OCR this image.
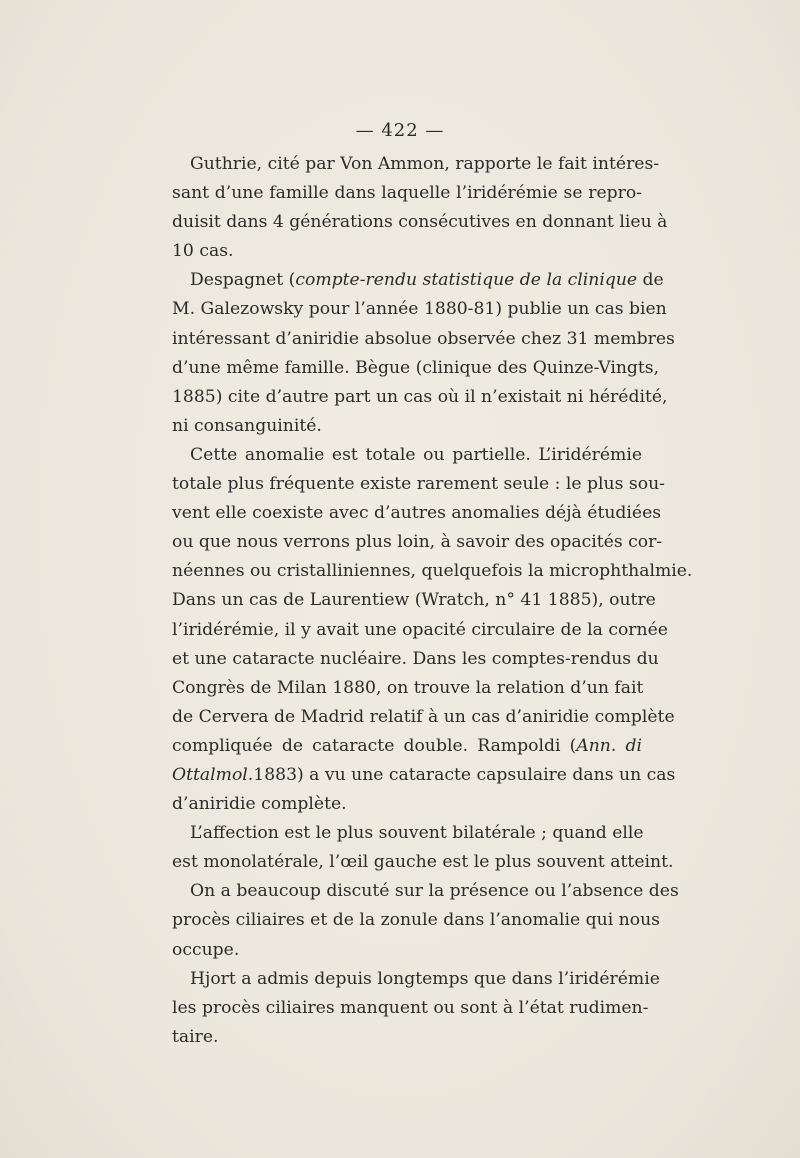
— 422 —
Guthrie, cité par Von Ammon, rapporte le fait intéres-
sant d’une famille dans laquelle l’iridérémie se repro-
duisit dans 4 générations consécutives en donnant lieu à
10 cas.
Despagnet (compte-rendu statistique de la clinique de
M. Galezowsky pour l’année 1880-81) publie un cas bien
intéressant d’aniridie absolue observée chez 31 membres
d’une même famille. Bègue (clinique des Quinze-Vingts,
1885) cite d’autre part un cas où il n’existait ni hérédité,
ni consanguinité.
Cette anomalie est totale ou partielle. L’iridérémie
totale plus fréquente existe rarement seule : le plus sou-
vent elle coexiste avec d’autres anomalies déjà étudiées
ou que nous verrons plus loin, à savoir des opacités cor-
néennes ou cristalliniennes, quelquefois la microphthalmie.
Dans un cas de Laurentiew (Wratch, n° 41 1885), outre
l’iridérémie, il y avait une opacité circulaire de la cornée
et une cataracte nucléaire. Dans les comptes-rendus du
Congrès de Milan 1880, on trouve la relation d’un fait
de Cervera de Madrid relatif à un cas d’aniridie complète
compliquée de cataracte double. Rampoldi (Ann. di
Ottalmol.1883) a vu une cataracte capsulaire dans un cas
d’aniridie complète.
L’affection est le plus souvent bilatérale ; quand elle
est monolatérale, l’œil gauche est le plus souvent atteint.
On a beaucoup discuté sur la présence ou l’absence des
procès ciliaires et de la zonule dans l’anomalie qui nous
occupe.
Hjort a admis depuis longtemps que dans l’iridérémie
les procès ciliaires manquent ou sont à l’état rudimen-
taire.
